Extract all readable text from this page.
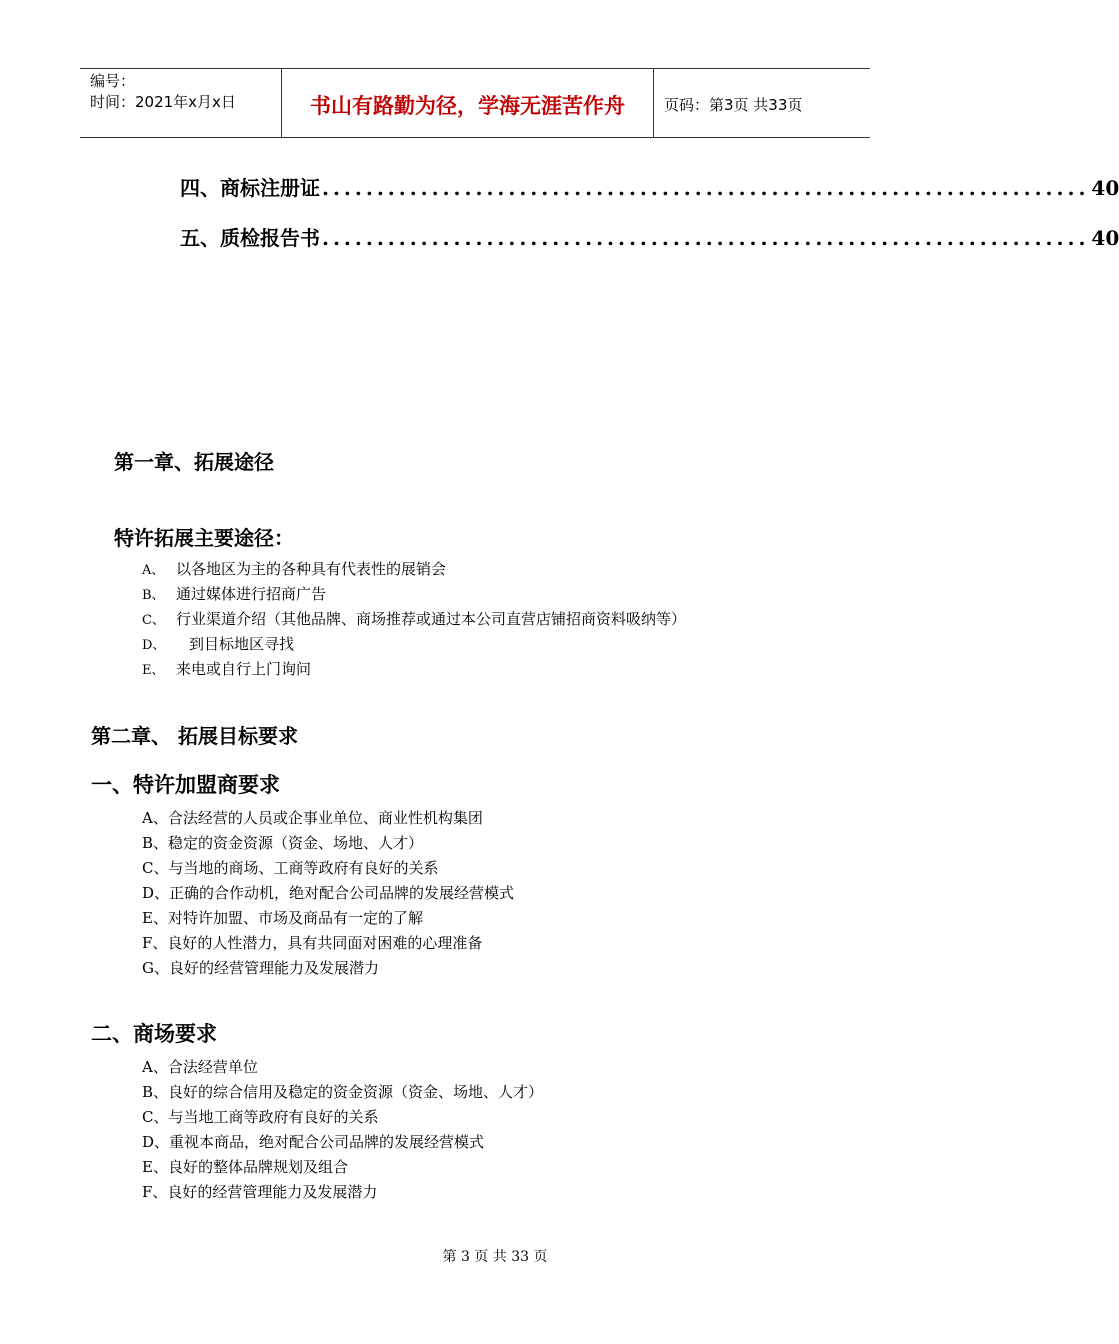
编号：
时间：2021年x月x日	书山有路勤为径，学海无涯苦作舟	页码：第3页 共33页
四、商标注册证 ...................................................................... 40
五、质检报告书 ...................................................................... 40
第一章、拓展途径
特许拓展主要途径：
A、 以各地区为主的各种具有代表性的展销会
B、 通过媒体进行招商广告
C、 行业渠道介绍（其他品牌、商场推荐或通过本公司直营店铺招商资料吸纳等）
D、 到目标地区寻找
E、 来电或自行上门询问
第二章、 拓展目标要求
一、特许加盟商要求
A、合法经营的人员或企事业单位、商业性机构集团
B、稳定的资金资源（资金、场地、人才）
C、与当地的商场、工商等政府有良好的关系
D、正确的合作动机，绝对配合公司品牌的发展经营模式
E、对特许加盟、市场及商品有一定的了解
F、良好的人性潜力，具有共同面对困难的心理准备
G、良好的经营管理能力及发展潜力
二、商场要求
A、合法经营单位
B、良好的综合信用及稳定的资金资源（资金、场地、人才）
C、与当地工商等政府有良好的关系
D、重视本商品，绝对配合公司品牌的发展经营模式
E、良好的整体品牌规划及组合
F、良好的经营管理能力及发展潜力
第 3 页 共 33 页
